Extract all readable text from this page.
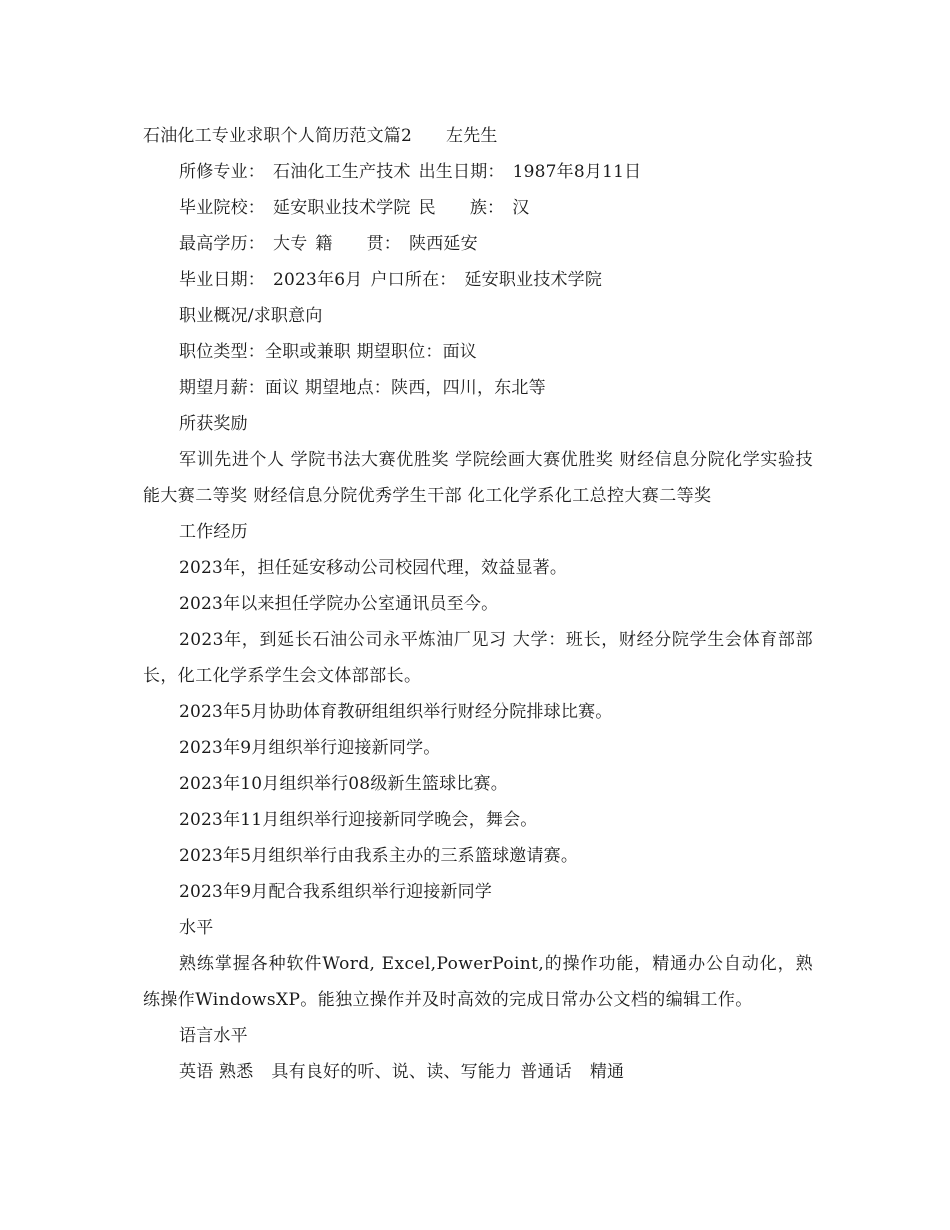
石油化工专业求职个人简历范文篇2 左先生
所修专业： 石油化工生产技术 出生日期： 1987年8月11日
毕业院校： 延安职业技术学院 民 族： 汉
最高学历： 大专 籍 贯： 陕西延安
毕业日期： 2023年6月 户口所在： 延安职业技术学院
职业概况/求职意向
职位类型：全职或兼职 期望职位：面议
期望月薪：面议 期望地点：陕西，四川，东北等
所获奖励
军训先进个人 学院书法大赛优胜奖 学院绘画大赛优胜奖 财经信息分院化学实验技能大赛二等奖 财经信息分院优秀学生干部 化工化学系化工总控大赛二等奖
工作经历
2023年，担任延安移动公司校园代理，效益显著。
2023年以来担任学院办公室通讯员至今。
2023年，到延长石油公司永平炼油厂见习 大学：班长，财经分院学生会体育部部长，化工化学系学生会文体部部长。
2023年5月协助体育教研组组织举行财经分院排球比赛。
2023年9月组织举行迎接新同学。
2023年10月组织举行08级新生篮球比赛。
2023年11月组织举行迎接新同学晚会，舞会。
2023年5月组织举行由我系主办的三系篮球邀请赛。
2023年9月配合我系组织举行迎接新同学
水平
熟练掌握各种软件Word, Excel,PowerPoint,的操作功能，精通办公自动化，熟练操作WindowsXP。能独立操作并及时高效的完成日常办公文档的编辑工作。
语言水平
英语 熟悉 具有良好的听、说、读、写能力 普通话 精通
